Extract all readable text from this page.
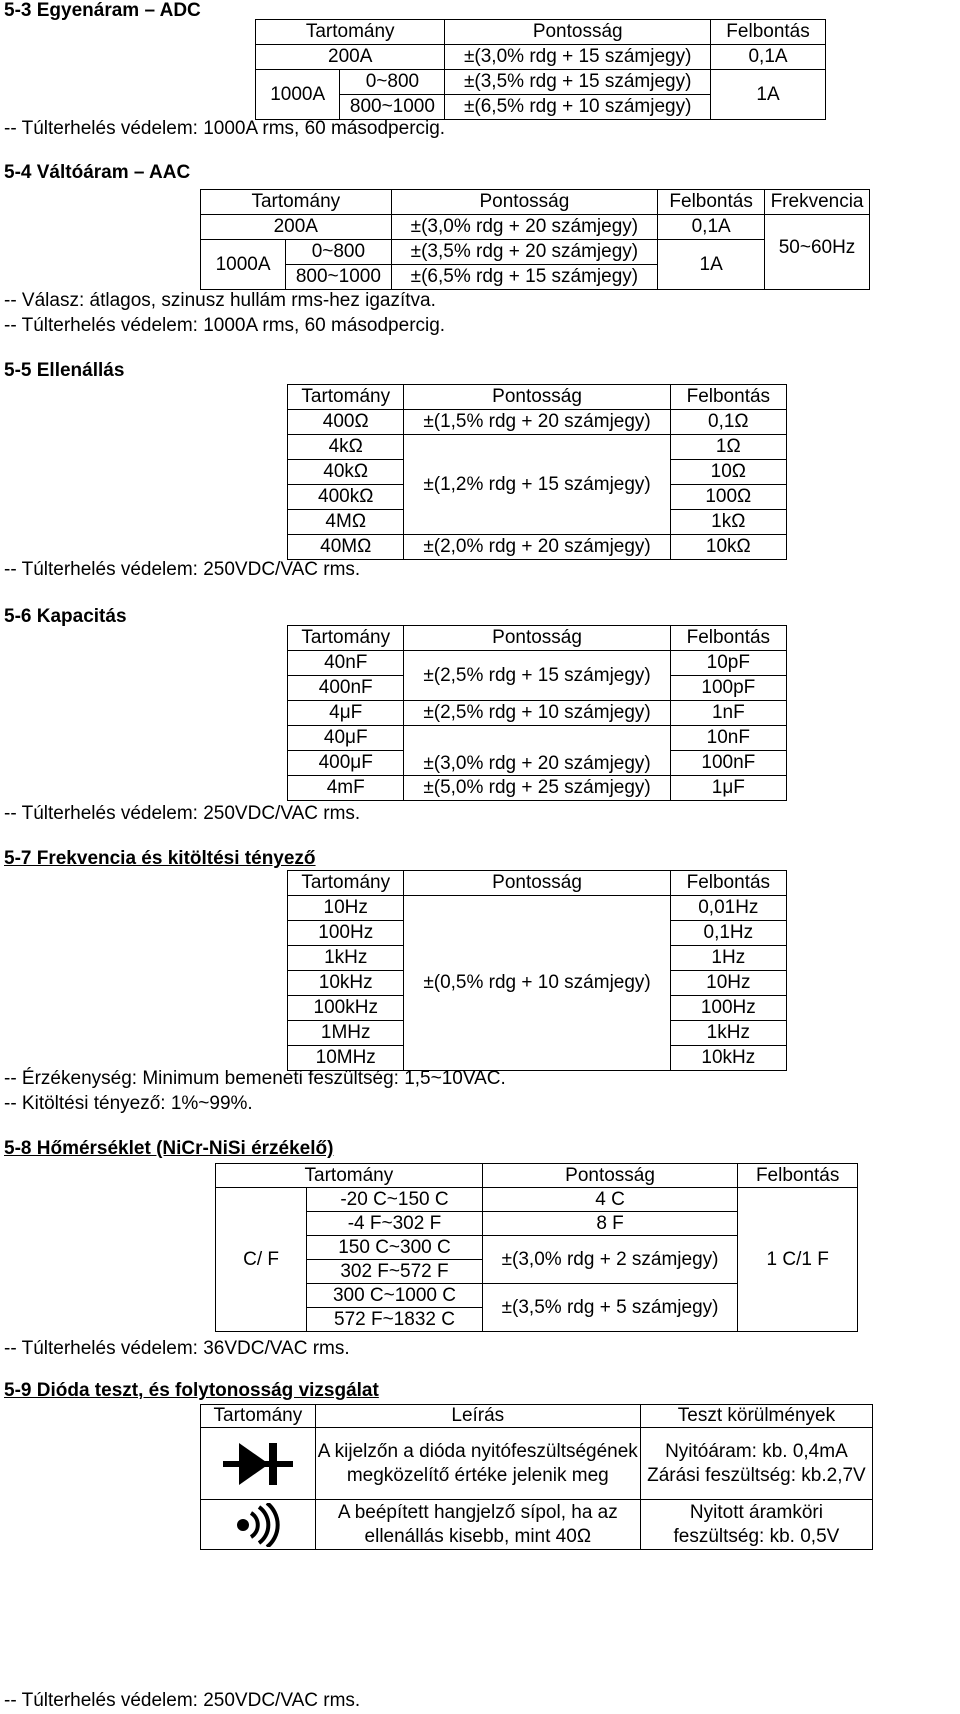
5-3 Egyenáram – ADC
Tartomány		Pontosság	Felbontás
200A		±(3,0% rdg + 15 számjegy)	0,1A
1000A	0~800	±(3,5% rdg + 15 számjegy)	1A
	800~1000	±(6,5% rdg + 10 számjegy)	
-- Túlterhelés védelem: 1000A rms, 60 másodpercig.
5-4 Váltóáram – AAC
Tartomány		Pontosság	Felbontás	Frekvencia
200A		±(3,0% rdg + 20 számjegy)	0,1A	50~60Hz
1000A	0~800	±(3,5% rdg + 20 számjegy)	1A	
	800~1000	±(6,5% rdg + 15 számjegy)		
-- Válasz: átlagos, szinusz hullám rms-hez igazítva.
-- Túlterhelés védelem: 1000A rms, 60 másodpercig.
5-5 Ellenállás
Tartomány	Pontosság	Felbontás
400Ω	±(1,5% rdg + 20 számjegy)	0,1Ω
4kΩ	±(1,2% rdg + 15 számjegy)	1Ω
40kΩ		10Ω
400kΩ		100Ω
4MΩ		1kΩ
40MΩ	±(2,0% rdg + 20 számjegy)	10kΩ
-- Túlterhelés védelem: 250VDC/VAC rms.
5-6 Kapacitás
Tartomány	Pontosság	Felbontás
40nF	±(2,5% rdg + 15 számjegy)	10pF
400nF		100pF
4μF	±(2,5% rdg + 10 számjegy)	1nF
40μF	±(3,0% rdg + 20 számjegy)	10nF
400μF		100nF
4mF	±(5,0% rdg + 25 számjegy)	1μF
-- Túlterhelés védelem: 250VDC/VAC rms.
5-7 Frekvencia és kitöltési tényező
Tartomány	Pontosság	Felbontás
10Hz	±(0,5% rdg + 10 számjegy)	0,01Hz
100Hz		0,1Hz
1kHz		1Hz
10kHz		10Hz
100kHz		100Hz
1MHz		1kHz
10MHz		10kHz
-- Érzékenység: Minimum bemeneti feszültség: 1,5~10VAC.
-- Kitöltési tényező: 1%~99%.
5-8 Hőmérséklet (NiCr-NiSi érzékelő)
Tartomány		Pontosság	Felbontás
C/ F	-20 C~150 C	4 C	1 C/1 F
	-4 F~302 F	8 F	
	150 C~300 C	±(3,0% rdg + 2 számjegy)	
	302 F~572 F		
	300 C~1000 C	±(3,5% rdg + 5 számjegy)	
	572 F~1832 C		
-- Túlterhelés védelem: 36VDC/VAC rms.
5-9 Dióda teszt, és folytonosság vizsgálat
Tartomány	Leírás	Teszt körülmények

	A kijelzőn a dióda nyitófeszültségének megközelítő értéke jelenik meg	Nyitóáram: kb. 0,4mA Zárási feszültség: kb.2,7V

	A beépített hangjelző sípol, ha az ellenállás kisebb, mint 40Ω	Nyitott áramköri feszültség: kb. 0,5V
-- Túlterhelés védelem: 250VDC/VAC rms.
